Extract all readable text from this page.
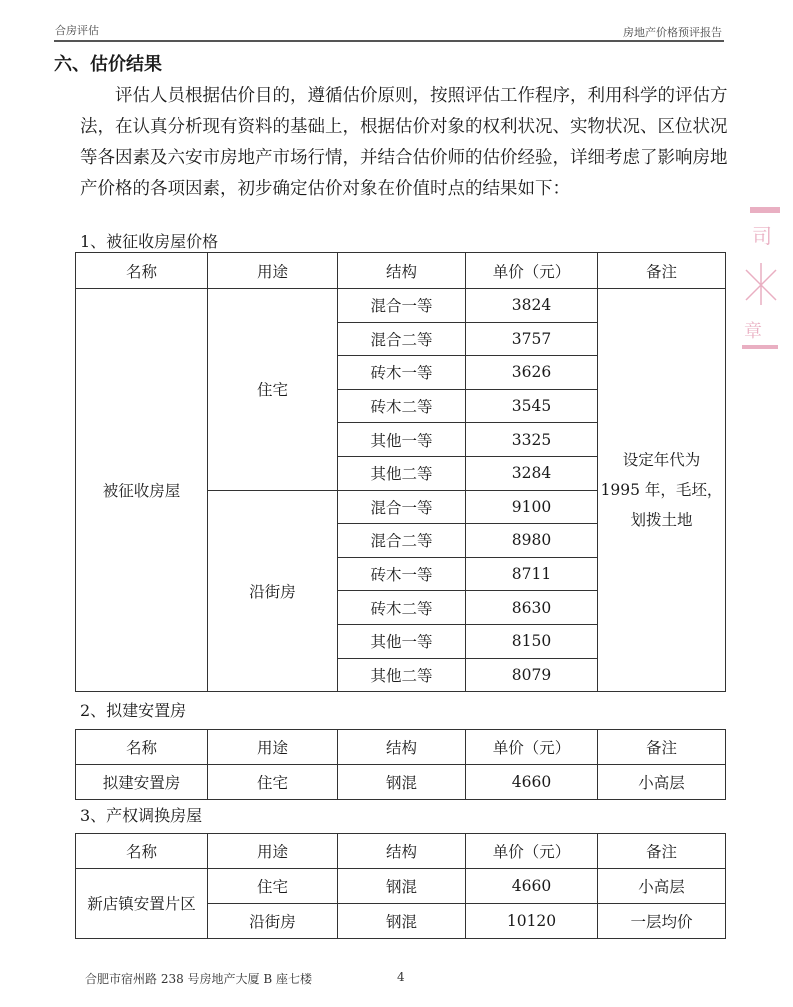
合房评估	房地产价格预评报告
六、估价结果
评估人员根据估价目的，遵循估价原则，按照评估工作程序，利用科学的评估方法，在认真分析现有资料的基础上，根据估价对象的权利状况、实物状况、区位状况等各因素及六安市房地产市场行情，并结合估价师的估价经验，详细考虑了影响房地产价格的各项因素，初步确定估价对象在价值时点的结果如下：
1、被征收房屋价格
名称	用途	结构	单价（元）	备注
被征收房屋	住宅	混合一等	3824	设定年代为
1995 年，毛坯，
划拨土地

		混合二等	3757	
		砖木一等	3626	
		砖木二等	3545	
		其他一等	3325	
		其他二等	3284	
	沿街房	混合一等	9100	
		混合二等	8980	
		砖木一等	8711	
		砖木二等	8630	
		其他一等	8150	
		其他二等	8079	
2、拟建安置房
名称	用途	结构	单价（元）	备注
拟建安置房	住宅	钢混	4660	小高层
3、产权调换房屋
名称	用途	结构	单价（元）	备注
新店镇安置片区	住宅	钢混	4660	小高层
	沿街房	钢混	10120	一层均价
司
章
合肥市宿州路 238 号房地产大厦 B 座七楼	4
